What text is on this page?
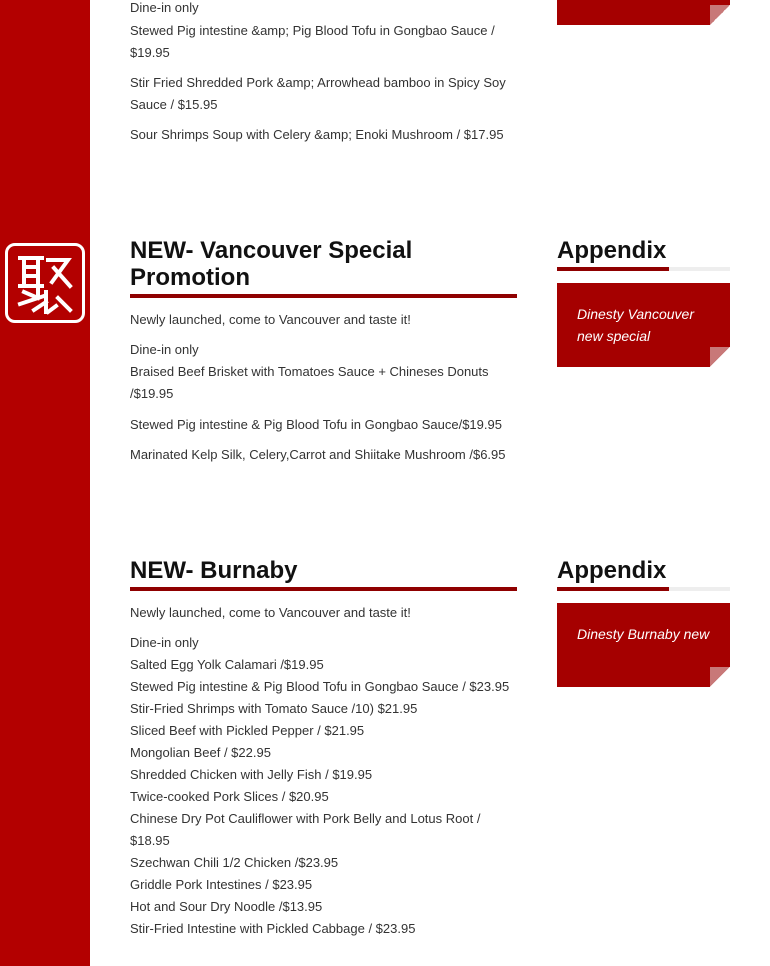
Dine-in only
Stewed Pig intestine &amp; Pig Blood Tofu in Gongbao Sauce / $19.95
Stir Fried Shredded Pork &amp; Arrowhead bamboo in Spicy Soy Sauce / $15.95
Sour Shrimps Soup with Celery &amp; Enoki Mushroom / $17.95
NEW- Vancouver Special Promotion
Newly launched, come to Vancouver and taste it!
Dine-in only
Braised Beef Brisket with Tomatoes Sauce + Chineses Donuts /$19.95
Stewed Pig intestine & Pig Blood Tofu in Gongbao Sauce/$19.95
Marinated Kelp Silk, Celery,Carrot and Shiitake Mushroom /$6.95
Appendix
Dinesty Vancouver new special
NEW- Burnaby
Newly launched, come to Vancouver and taste it!
Dine-in only
Salted Egg Yolk Calamari /$19.95
Stewed Pig intestine & Pig Blood Tofu in Gongbao Sauce / $23.95
Stir-Fried Shrimps with Tomato Sauce /10) $21.95
Sliced Beef with Pickled Pepper / $21.95
Mongolian Beef / $22.95
Shredded Chicken with Jelly Fish / $19.95
Twice-cooked Pork Slices / $20.95
Chinese Dry Pot Cauliflower with Pork Belly and Lotus Root / $18.95
Szechwan Chili 1/2 Chicken /$23.95
Griddle Pork Intestines / $23.95
Hot and Sour Dry Noodle /$13.95
Stir-Fried Intestine with Pickled Cabbage / $23.95
Appendix
Dinesty Burnaby new
